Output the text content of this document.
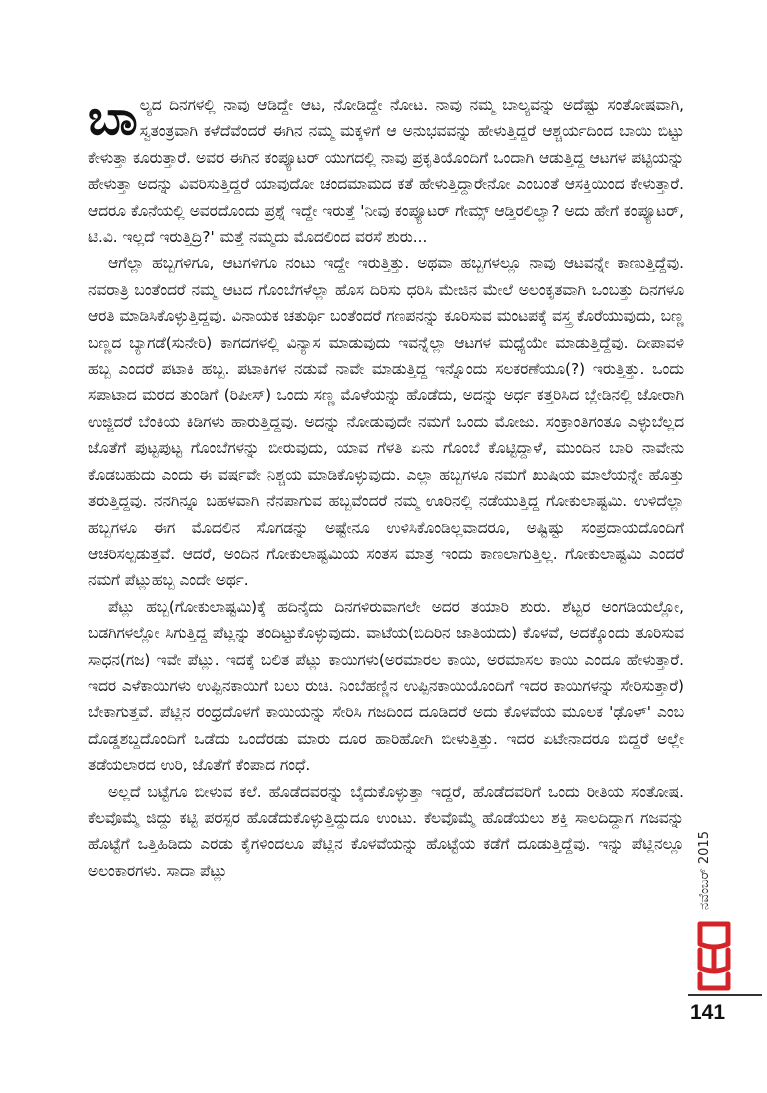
ಬಾಲ್ಯದ ದಿನಗಳಲ್ಲಿ ನಾವು ಆಡಿದ್ದೇ ಆಟ, ನೋಡಿದ್ದೇ ನೋಟ. ನಾವು ನಮ್ಮ ಬಾಲ್ಯವನ್ನು ಅದೆಷ್ಟು ಸಂತೋಷವಾಗಿ, ಸ್ವತಂತ್ರವಾಗಿ ಕಳೆದೆವೆಂದರೆ ಈಗಿನ ನಮ್ಮ ಮಕ್ಕಳಿಗೆ ಆ ಅನುಭವವನ್ನು ಹೇಳುತ್ತಿದ್ದರೆ ಆಶ್ಚರ್ಯದಿಂದ ಬಾಯಿ ಬಿಟ್ಟು ಕೇಳುತ್ತಾ ಕೂರುತ್ತಾರೆ. ಅವರ ಈಗಿನ ಕಂಪ್ಯೂಟರ್ ಯುಗದಲ್ಲಿ ನಾವು ಪ್ರಕೃತಿಯೊಂದಿಗೆ ಒಂದಾಗಿ ಆಡುತ್ತಿದ್ದ ಆಟಗಳ ಪಟ್ಟಿಯನ್ನು ಹೇಳುತ್ತಾ ಅದನ್ನು ವಿವರಿಸುತ್ತಿದ್ದರೆ ಯಾವುದೋ ಚಂದಮಾಮದ ಕತೆ ಹೇಳುತ್ತಿದ್ದಾರೇನೋ ಎಂಬಂತೆ ಆಸಕ್ತಿಯಿಂದ ಕೇಳುತ್ತಾರೆ. ಆದರೂ ಕೊನೆಯಲ್ಲಿ ಅವರದೊಂದು ಪ್ರಶ್ನೆ ಇದ್ದೇ ಇರುತ್ತೆ 'ನೀವು ಕಂಪ್ಯೂಟರ್ ಗೇಮ್ಸ್ ಆಡ್ತಿರಲಿಲ್ವಾ? ಅದು ಹೇಗೆ ಕಂಪ್ಯೂಟರ್, ಟಿ.ವಿ. ಇಲ್ಲದೆ ಇರುತ್ತಿದ್ರಿ?' ಮತ್ತೆ ನಮ್ಮದು ಮೊದಲಿಂದ ವರಸೆ ಶುರು...

ಆಗೆಲ್ಲಾ ಹಬ್ಬಗಳಿಗೂ, ಆಟಗಳಿಗೂ ನಂಟು ಇದ್ದೇ ಇರುತ್ತಿತ್ತು. ಅಥವಾ ಹಬ್ಬಗಳಲ್ಲೂ ನಾವು ಆಟವನ್ನೇ ಕಾಣುತ್ತಿದ್ದೆವು. ನವರಾತ್ರಿ ಬಂತೆಂದರೆ ನಮ್ಮ ಆಟದ ಗೊಂಬೆಗಳೆಲ್ಲಾ ಹೊಸ ದಿರಿಸು ಧರಿಸಿ ಮೇಜಿನ ಮೇಲೆ ಅಲಂಕೃತವಾಗಿ ಒಂಬತ್ತು ದಿನಗಳೂ ಆರತಿ ಮಾಡಿಸಿಕೊಳ್ಳುತ್ತಿದ್ದವು. ವಿನಾಯಕ ಚತುರ್ಥಿ ಬಂತೆಂದರೆ ಗಣಪನನ್ನು ಕೂರಿಸುವ ಮಂಟಪಕ್ಕೆ ವಸ್ತ್ರ ಕೊರೆಯುವುದು, ಬಣ್ಣ ಬಣ್ಣದ ಬ್ಯಾಗಡೆ(ಸುನೇರಿ) ಕಾಗದಗಳಲ್ಲಿ ವಿನ್ಯಾಸ ಮಾಡುವುದು ಇವನ್ನೆಲ್ಲಾ ಆಟಗಳ ಮಧ್ಯೆಯೇ ಮಾಡುತ್ತಿದ್ದೆವು. ದೀಪಾವಳಿ ಹಬ್ಬ ಎಂದರೆ ಪಟಾಕಿ ಹಬ್ಬ. ಪಟಾಕಿಗಳ ನಡುವೆ ನಾವೇ ಮಾಡುತ್ತಿದ್ದ ಇನ್ನೊಂದು ಸಲಕರಣೆಯೂ(?) ಇರುತ್ತಿತ್ತು. ಒಂದು ಸಪಾಟಾದ ಮರದ ತುಂಡಿಗೆ (ರಿಪೀಸ್) ಒಂದು ಸಣ್ಣ ಮೊಳೆಯನ್ನು ಹೊಡೆದು, ಅದನ್ನು ಅರ್ಧ ಕತ್ತರಿಸಿದ ಬ್ಲೇಡಿನಲ್ಲಿ ಜೋರಾಗಿ ಉಜ್ಜಿದರೆ ಬೆಂಕಿಯ ಕಿಡಿಗಳು ಹಾರುತ್ತಿದ್ದವು. ಅದನ್ನು ನೋಡುವುದೇ ನಮಗೆ ಒಂದು ಮೋಜು. ಸಂಕ್ರಾಂತಿಗಂತೂ ಎಳ್ಳುಬೆಲ್ಲದ ಜೊತೆಗೆ ಪುಟ್ಟಪುಟ್ಟ ಗೊಂಬೆಗಳನ್ನು ಬೀರುವುದು, ಯಾವ ಗೆಳತಿ ಏನು ಗೊಂಬೆ ಕೊಟ್ಟಿದ್ದಾಳೆ, ಮುಂದಿನ ಬಾರಿ ನಾವೇನು ಕೊಡಬಹುದು ಎಂದು ಈ ವರ್ಷವೇ ನಿಶ್ಚಯ ಮಾಡಿಕೊಳ್ಳುವುದು. ಎಲ್ಲಾ ಹಬ್ಬಗಳೂ ನಮಗೆ ಖುಷಿಯ ಮಾಲೆಯನ್ನೇ ಹೊತ್ತು ತರುತ್ತಿದ್ದವು. ನನಗಿನ್ನೂ ಬಹಳವಾಗಿ ನೆನಪಾಗುವ ಹಬ್ಬವೆಂದರೆ ನಮ್ಮ ಊರಿನಲ್ಲಿ ನಡೆಯುತ್ತಿದ್ದ ಗೋಕುಲಾಷ್ಟಮಿ. ಉಳಿದೆಲ್ಲಾ ಹಬ್ಬಗಳೂ ಈಗ ಮೊದಲಿನ ಸೊಗಡನ್ನು ಅಷ್ಟೇನೂ ಉಳಿಸಿಕೊಂಡಿಲ್ಲವಾದರೂ, ಅಷ್ಟಿಷ್ಟು ಸಂಪ್ರದಾಯದೊಂದಿಗೆ ಆಚರಿಸಲ್ಪಡುತ್ತವೆ. ಆದರೆ, ಅಂದಿನ ಗೋಕುಲಾಷ್ಟಮಿಯ ಸಂತಸ ಮಾತ್ರ ಇಂದು ಕಾಣಲಾಗುತ್ತಿಲ್ಲ. ಗೋಕುಲಾಷ್ಟಮಿ ಎಂದರೆ ನಮಗೆ ಪೆಟ್ಲುಹಬ್ಬ ಎಂದೇ ಅರ್ಥ.

ಪೆಟ್ಲು ಹಬ್ಬ(ಗೋಕುಲಾಷ್ಟಮಿ)ಕ್ಕೆ ಹದಿನೈದು ದಿನಗಳಿರುವಾಗಲೇ ಅದರ ತಯಾರಿ ಶುರು. ಶೆಟ್ಟರ ಅಂಗಡಿಯಲ್ಲೋ, ಬಡಗಿಗಳಲ್ಲೋ ಸಿಗುತ್ತಿದ್ದ ಪೆಟ್ಲನ್ನು ತಂದಿಟ್ಟುಕೊಳ್ಳುವುದು. ವಾಟೆಯ(ಬಿದಿರಿನ ಜಾತಿಯದು) ಕೊಳವೆ, ಅದಕ್ಕೊಂದು ತೂರಿಸುವ ಸಾಧನ(ಗಜ) ಇವೇ ಪೆಟ್ಲು. ಇದಕ್ಕೆ ಬಲಿತ ಪೆಟ್ಲು ಕಾಯಿಗಳು(ಅರಮಾರಲ ಕಾಯಿ, ಅರಮಾಸಲ ಕಾಯಿ ಎಂದೂ ಹೇಳುತ್ತಾರೆ. ಇದರ ಎಳೆಕಾಯಿಗಳು ಉಪ್ಪಿನಕಾಯಿಗೆ ಬಲು ರುಚಿ. ನಿಂಬೆಹಣ್ಣಿನ ಉಪ್ಪಿನಕಾಯಿಯೊಂದಿಗೆ ಇದರ ಕಾಯಿಗಳನ್ನು ಸೇರಿಸುತ್ತಾರೆ) ಬೇಕಾಗುತ್ತವೆ. ಪೆಟ್ಲಿನ ರಂಧ್ರದೊಳಗೆ ಕಾಯಿಯನ್ನು ಸೇರಿಸಿ ಗಜದಿಂದ ದೂಡಿದರೆ ಅದು ಕೊಳವೆಯ ಮೂಲಕ 'ಢೊಳ್' ಎಂಬ ದೊಡ್ಡಶಬ್ದದೊಂದಿಗೆ ಒಡೆದು ಒಂದೆರಡು ಮಾರು ದೂರ ಹಾರಿಹೋಗಿ ಬೀಳುತ್ತಿತ್ತು. ಇದರ ಏಟೇನಾದರೂ ಬಿದ್ದರೆ ಅಲ್ಲೇ ತಡೆಯಲಾರದ ಉರಿ, ಜೊತೆಗೆ ಕೆಂಪಾದ ಗಂಧೆ.

ಅಲ್ಲದೆ ಬಟ್ಟೆಗೂ ಬೀಳುವ ಕಲೆ. ಹೊಡೆದವರನ್ನು ಬೈದುಕೊಳ್ಳುತ್ತಾ ಇದ್ದರೆ, ಹೊಡೆದವರಿಗೆ ಒಂದು ರೀತಿಯ ಸಂತೋಷ. ಕೆಲವೊಮ್ಮೆ ಜಿದ್ದು ಕಟ್ಟಿ ಪರಸ್ಪರ ಹೊಡೆದುಕೊಳ್ಳುತ್ತಿದ್ದುದೂ ಉಂಟು. ಕೆಲವೊಮ್ಮೆ ಹೊಡೆಯಲು ಶಕ್ತಿ ಸಾಲದಿದ್ದಾಗ ಗಜವನ್ನು ಹೊಟ್ಟೆಗೆ ಒತ್ತಿಹಿಡಿದು ಎರಡು ಕೈಗಳಿಂದಲೂ ಪೆಟ್ಲಿನ ಕೊಳವೆಯನ್ನು ಹೊಟ್ಟೆಯ ಕಡೆಗೆ ದೂಡುತ್ತಿದ್ದೆವು. ಇನ್ನು ಪೆಟ್ಲಿನಲ್ಲೂ ಅಲಂಕಾರಗಳು. ಸಾದಾ ಪೆಟ್ಲು	ನವೆಂಬರ್ 2015
141
